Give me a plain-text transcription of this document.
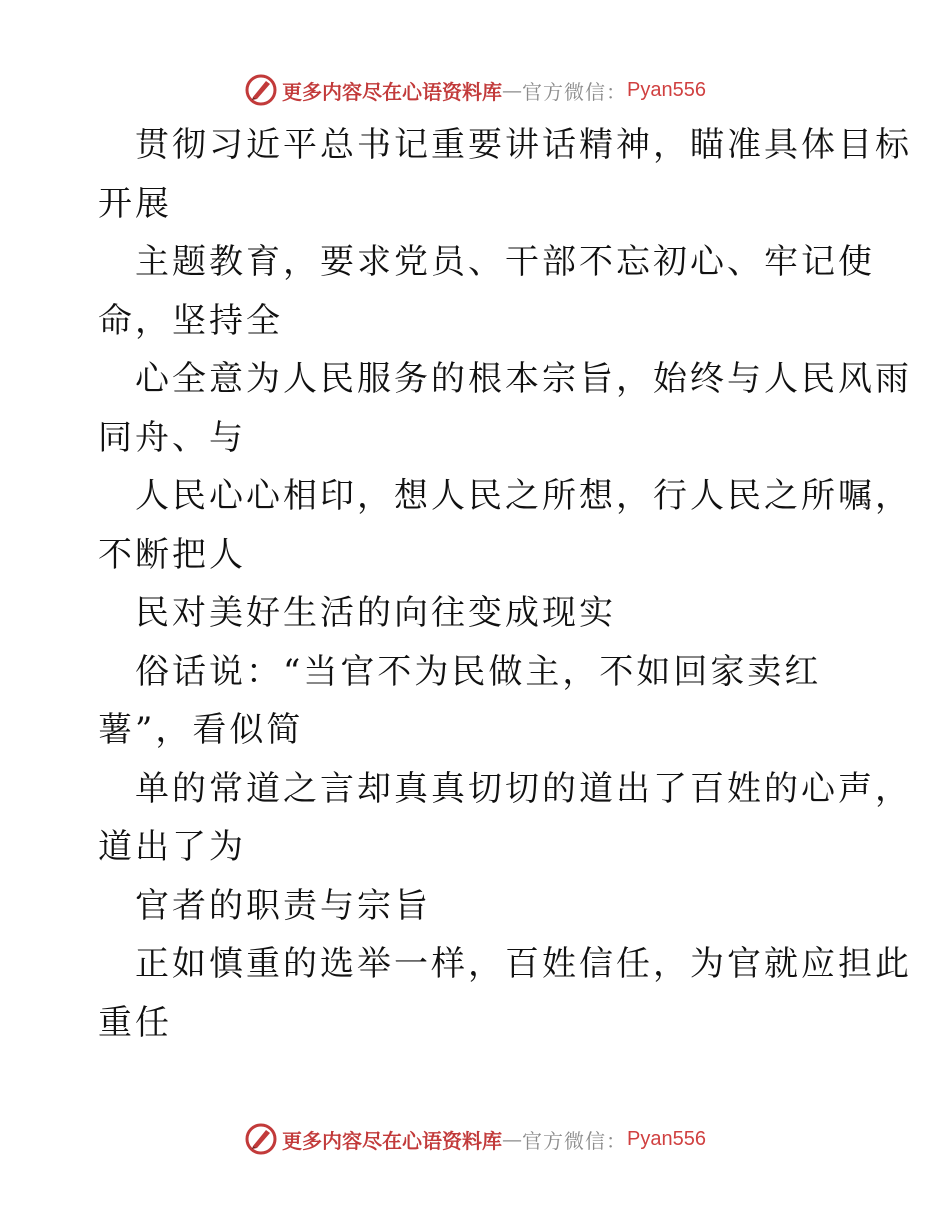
更多内容尽在心语资料库 — 官方微信： Pyan556
贯彻习近平总书记重要讲话精神，瞄准具体目标
开展
主题教育，要求党员、干部不忘初心、牢记使
命，坚持全
心全意为人民服务的根本宗旨，始终与人民风雨
同舟、与
人民心心相印，想人民之所想，行人民之所嘱，
不断把人
民对美好生活的向往变成现实
俗话说：“当官不为民做主，不如回家卖红
薯”，看似简
单的常道之言却真真切切的道出了百姓的心声，
道出了为
官者的职责与宗旨
正如慎重的选举一样，百姓信任，为官就应担此
重任
更多内容尽在心语资料库 — 官方微信： Pyan556
